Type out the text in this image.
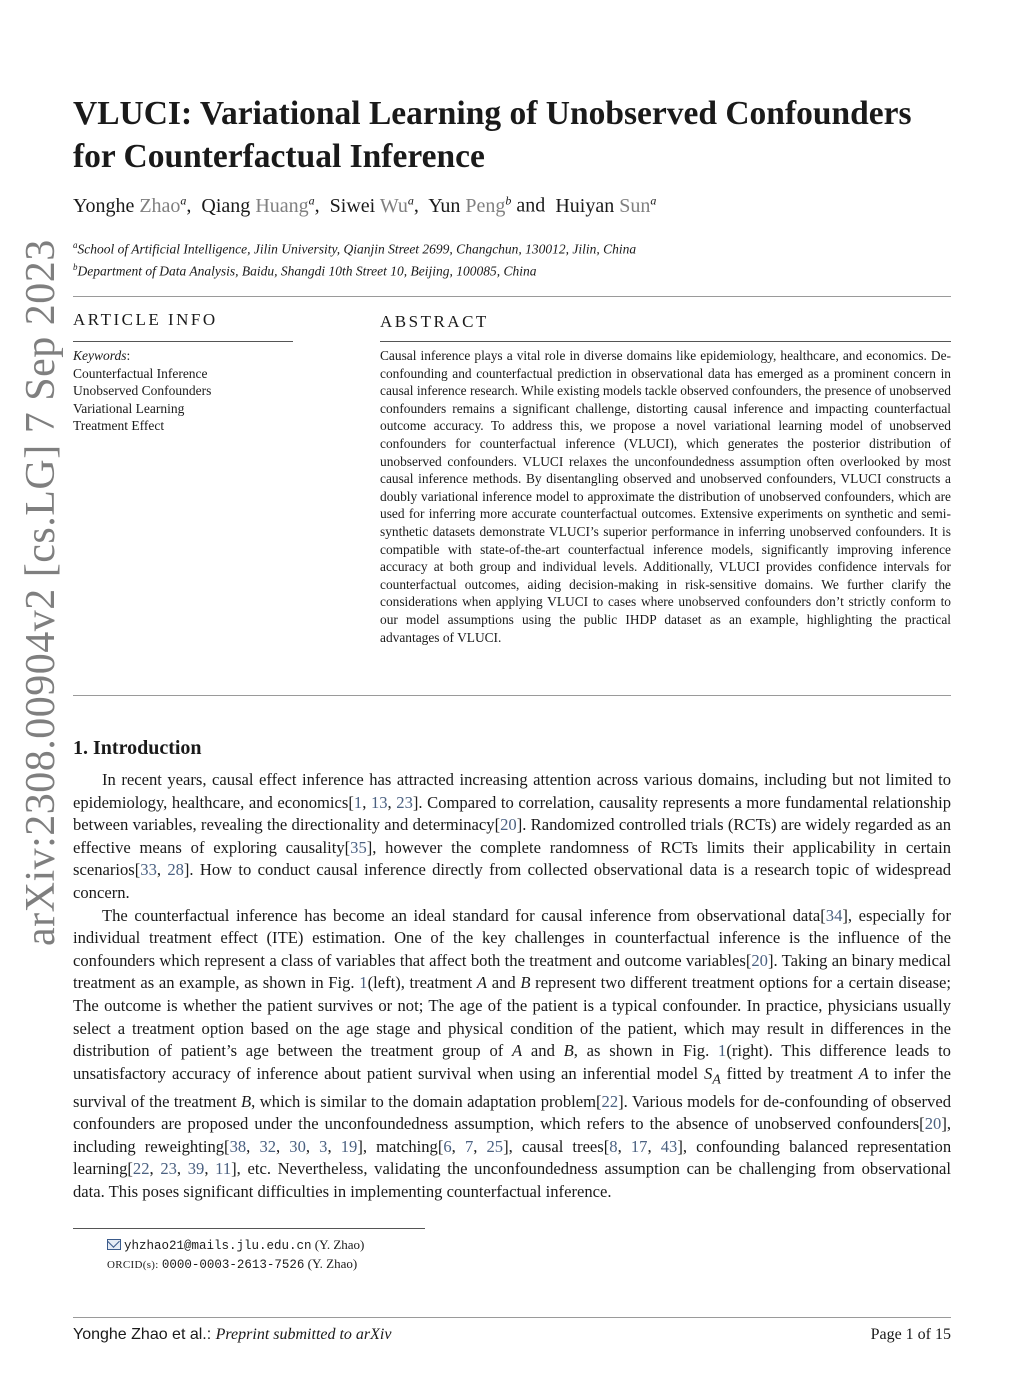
arXiv:2308.00904v2 [cs.LG] 7 Sep 2023
VLUCI: Variational Learning of Unobserved Confounders for Counterfactual Inference
Yonghe Zhao$^a$,  Qiang Huang$^a$,  Siwei Wu$^a$,  Yun Peng$^b$ and Huiyan Sun$^a$
$^a$School of Artificial Intelligence, Jilin University, Qianjin Street 2699, Changchun, 130012, Jilin, China
$^b$Department of Data Analysis, Baidu, Shangdi 10th Street 10, Beijing, 100085, China
ARTICLE INFO
Keywords:
Counterfactual Inference
Unobserved Confounders
Variational Learning
Treatment Effect
ABSTRACT
Causal inference plays a vital role in diverse domains like epidemiology, healthcare, and economics. De-confounding and counterfactual prediction in observational data has emerged as a prominent concern in causal inference research. While existing models tackle observed confounders, the presence of unobserved confounders remains a significant challenge, distorting causal inference and impacting counterfactual outcome accuracy. To address this, we propose a novel variational learning model of unobserved confounders for counterfactual inference (VLUCI), which generates the posterior distribution of unobserved confounders. VLUCI relaxes the unconfoundedness assumption often overlooked by most causal inference methods. By disentangling observed and unobserved confounders, VLUCI constructs a doubly variational inference model to approximate the distribution of unobserved confounders, which are used for inferring more accurate counterfactual outcomes. Extensive experiments on synthetic and semi-synthetic datasets demonstrate VLUCI’s superior performance in inferring unobserved confounders. It is compatible with state-of-the-art counterfactual inference models, significantly improving inference accuracy at both group and individual levels. Additionally, VLUCI provides confidence intervals for counterfactual outcomes, aiding decision-making in risk-sensitive domains. We further clarify the considerations when applying VLUCI to cases where unobserved confounders don’t strictly conform to our model assumptions using the public IHDP dataset as an example, highlighting the practical advantages of VLUCI.
1. Introduction

In recent years, causal effect inference has attracted increasing attention across various domains, including but not limited to epidemiology, healthcare, and economics[1, 13, 23]. Compared to correlation, causality represents a more fundamental relationship between variables, revealing the directionality and determinacy[20]. Randomized controlled trials (RCTs) are widely regarded as an effective means of exploring causality[35], however the complete randomness of RCTs limits their applicability in certain scenarios[33, 28]. How to conduct causal inference directly from collected observational data is a research topic of widespread concern.

The counterfactual inference has become an ideal standard for causal inference from observational data[34], especially for individual treatment effect (ITE) estimation. One of the key challenges in counterfactual inference is the influence of the confounders which represent a class of variables that affect both the treatment and outcome variables[20]. Taking an binary medical treatment as an example, as shown in Fig. 1(left), treatment A and B represent two different treatment options for a certain disease; The outcome is whether the patient survives or not; The age of the patient is a typical confounder. In practice, physicians usually select a treatment option based on the age stage and physical condition of the patient, which may result in differences in the distribution of patient’s age between the treatment group of A and B, as shown in Fig. 1(right). This difference leads to unsatisfactory accuracy of inference about patient survival when using an inferential model $S_A$ fitted by treatment A to infer the survival of the treatment B, which is similar to the domain adaptation problem[22]. Various models for de-confounding of observed confounders are proposed under the unconfoundedness assumption, which refers to the absence of unobserved confounders[20], including reweighting[38, 32, 30, 3, 19], matching[6, 7, 25], causal trees[8, 17, 43], confounding balanced representation learning[22, 23, 39, 11], etc. Nevertheless, validating the unconfoundedness assumption can be challenging from observational data. This poses significant difficulties in implementing counterfactual inference.

yhzhao21@mails.jlu.edu.cn (Y. Zhao)
ORCID(s): 0000-0003-2613-7526 (Y. Zhao)
Yonghe Zhao et al.: Preprint submitted to arXiv	Page 1 of 15
